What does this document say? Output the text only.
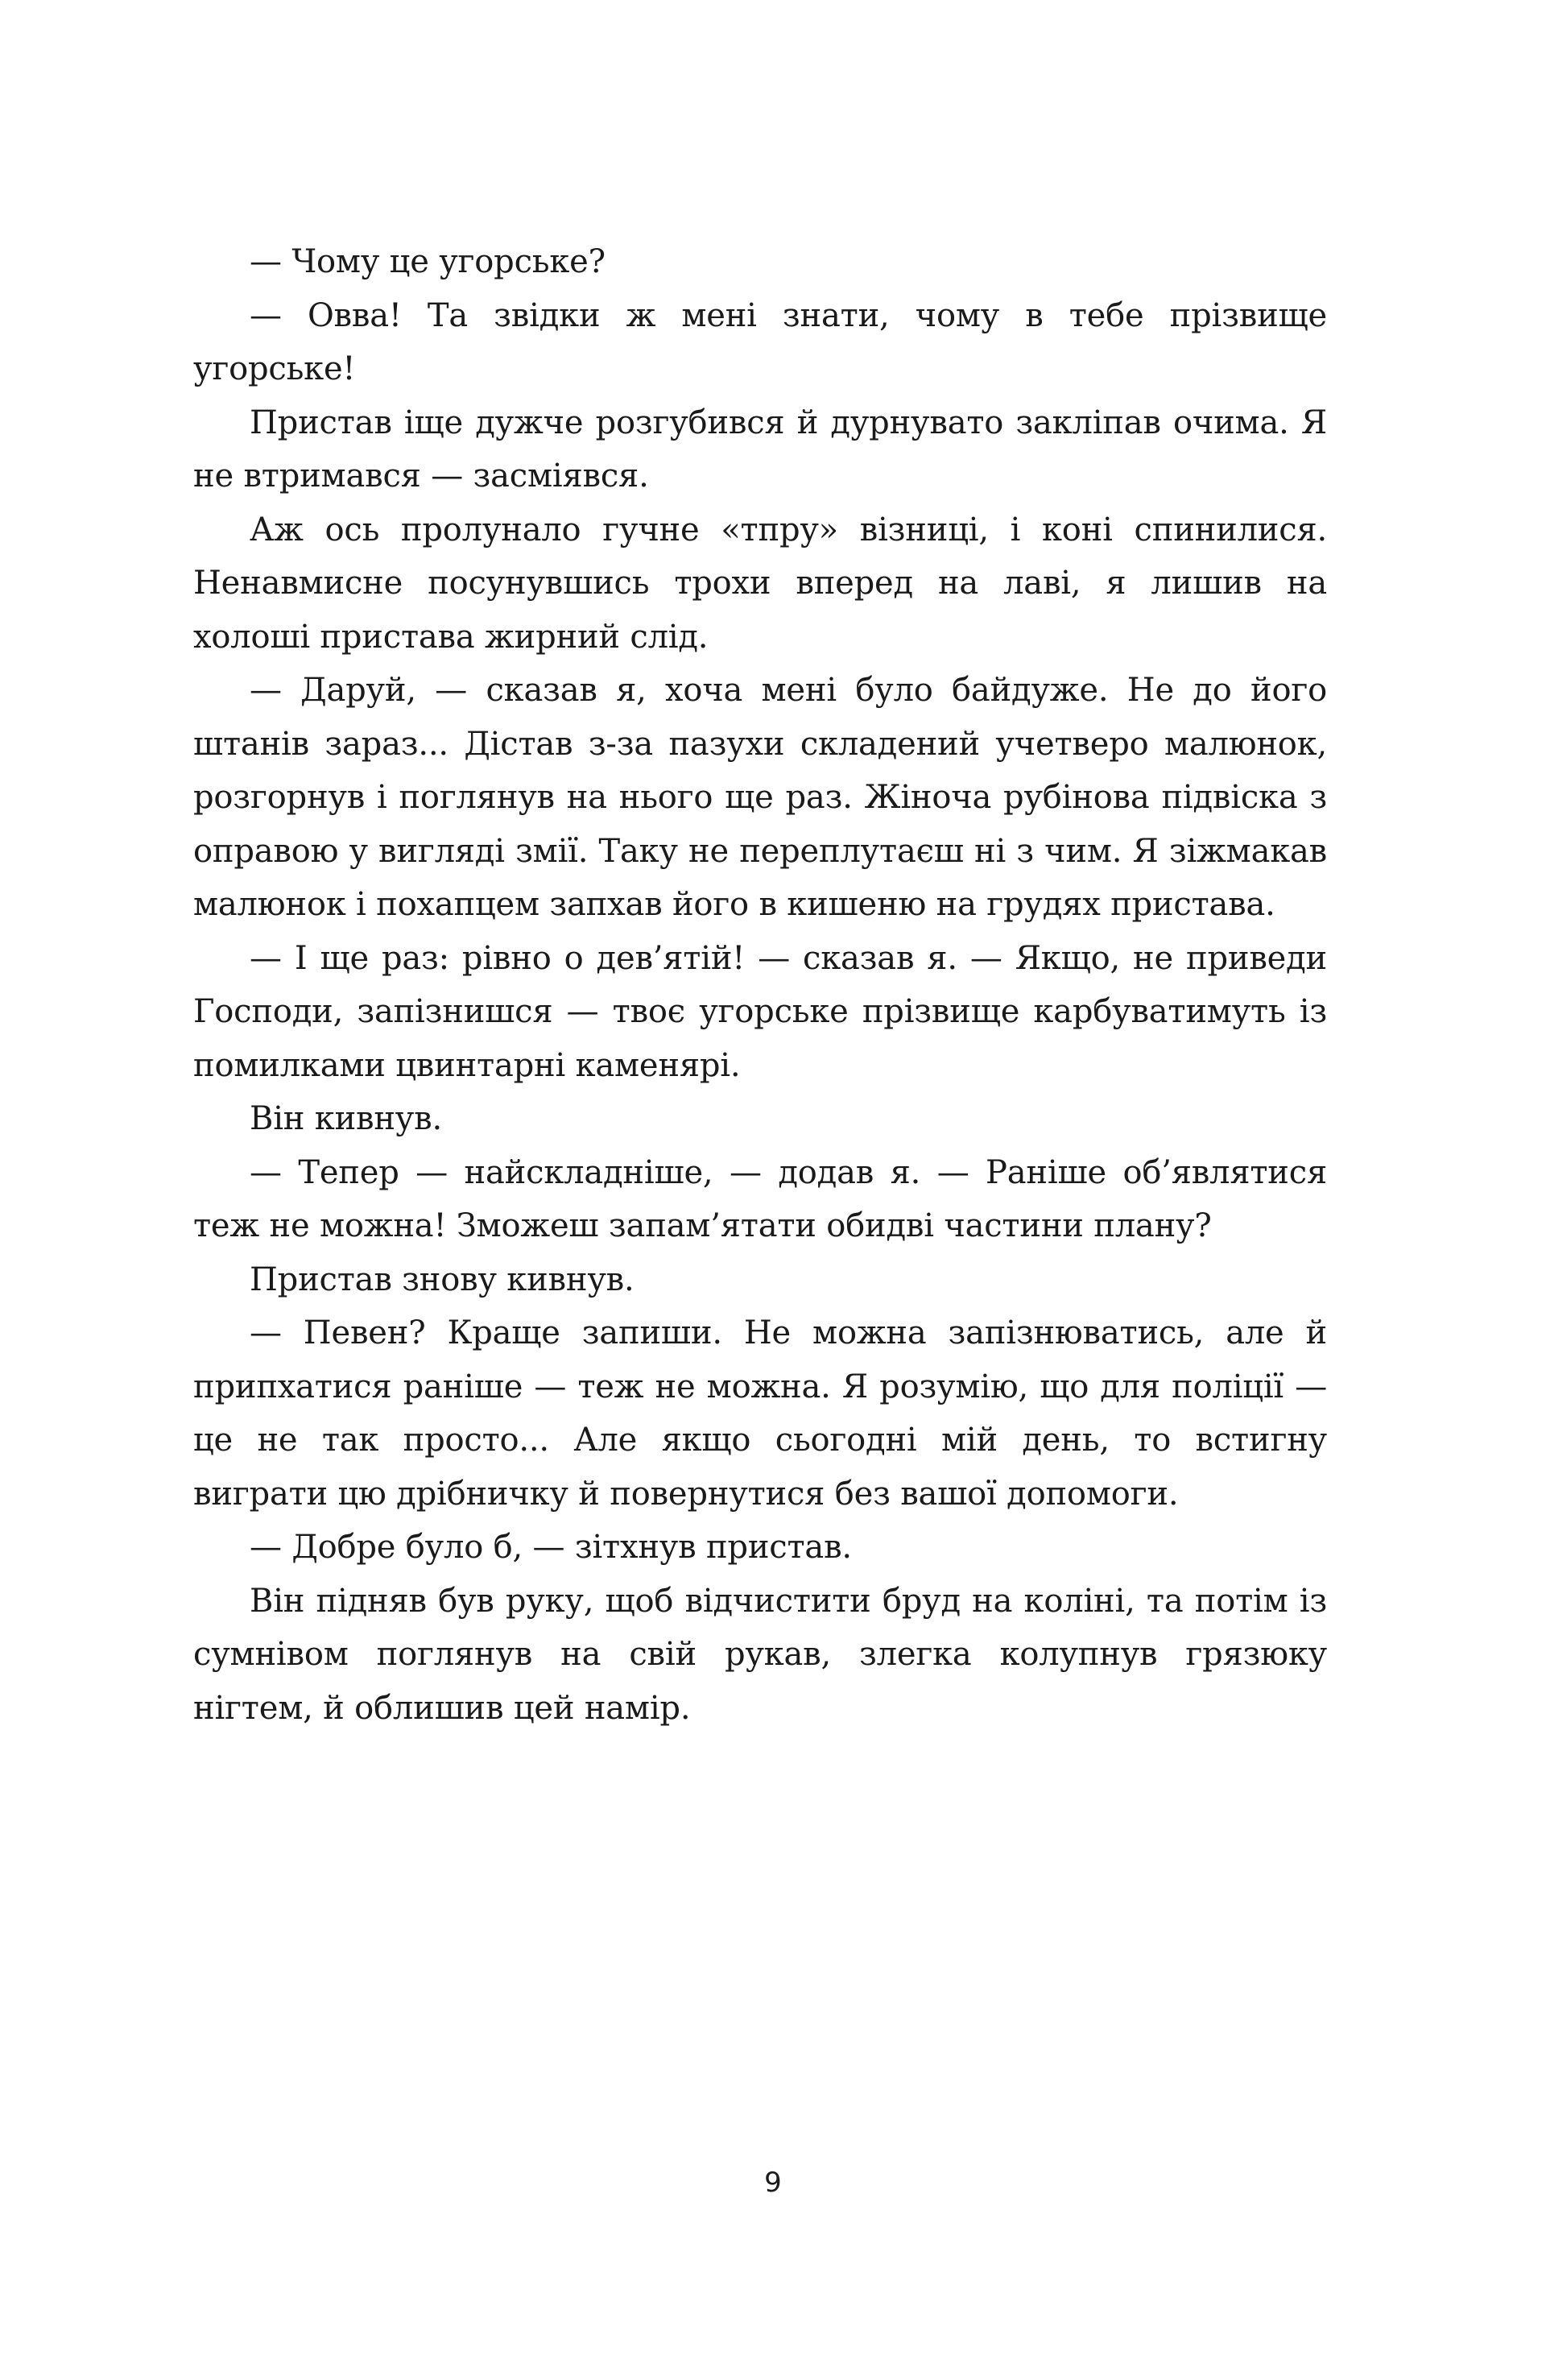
— Чому це угорське?

— Овва! Та звідки ж мені знати, чому в тебе прізвище угорське!

Пристав іще дужче розгубився й дурнувато закліпав очима. Я не втримався — засміявся.

Аж ось пролунало гучне «тпру» візниці, і коні спинилися. Ненавмисне посунувшись трохи вперед на лаві, я лишив на холоші пристава жирний слід.

— Даруй, — сказав я, хоча мені було байдуже. Не до його штанів зараз... Дістав з-за пазухи складений учетверо малюнок, розгорнув і поглянув на нього ще раз. Жіноча рубінова підвіска з оправою у вигляді змії. Таку не переплутаєш ні з чим. Я зіжмакав малюнок і похапцем запхав його в кишеню на грудях пристава.

— І ще раз: рівно о дев’ятій! — сказав я. — Якщо, не приведи Господи, запізнишся — твоє угорське прізвище карбуватимуть із помилками цвинтарні каменярі.

Він кивнув.

— Тепер — найскладніше, — додав я. — Раніше об’являтися теж не можна! Зможеш запам’ятати обидві частини плану?

Пристав знову кивнув.

— Певен? Краще запиши. Не можна запізнюватись, але й припхатися раніше — теж не можна. Я розумію, що для поліції — це не так просто... Але якщо сьогодні мій день, то встигну виграти цю дрібничку й повернутися без вашої допомоги.

— Добре було б, — зітхнув пристав.

Він підняв був руку, щоб відчистити бруд на коліні, та потім із сумнівом поглянув на свій рукав, злегка колупнув грязюку нігтем, й облишив цей намір.

9
